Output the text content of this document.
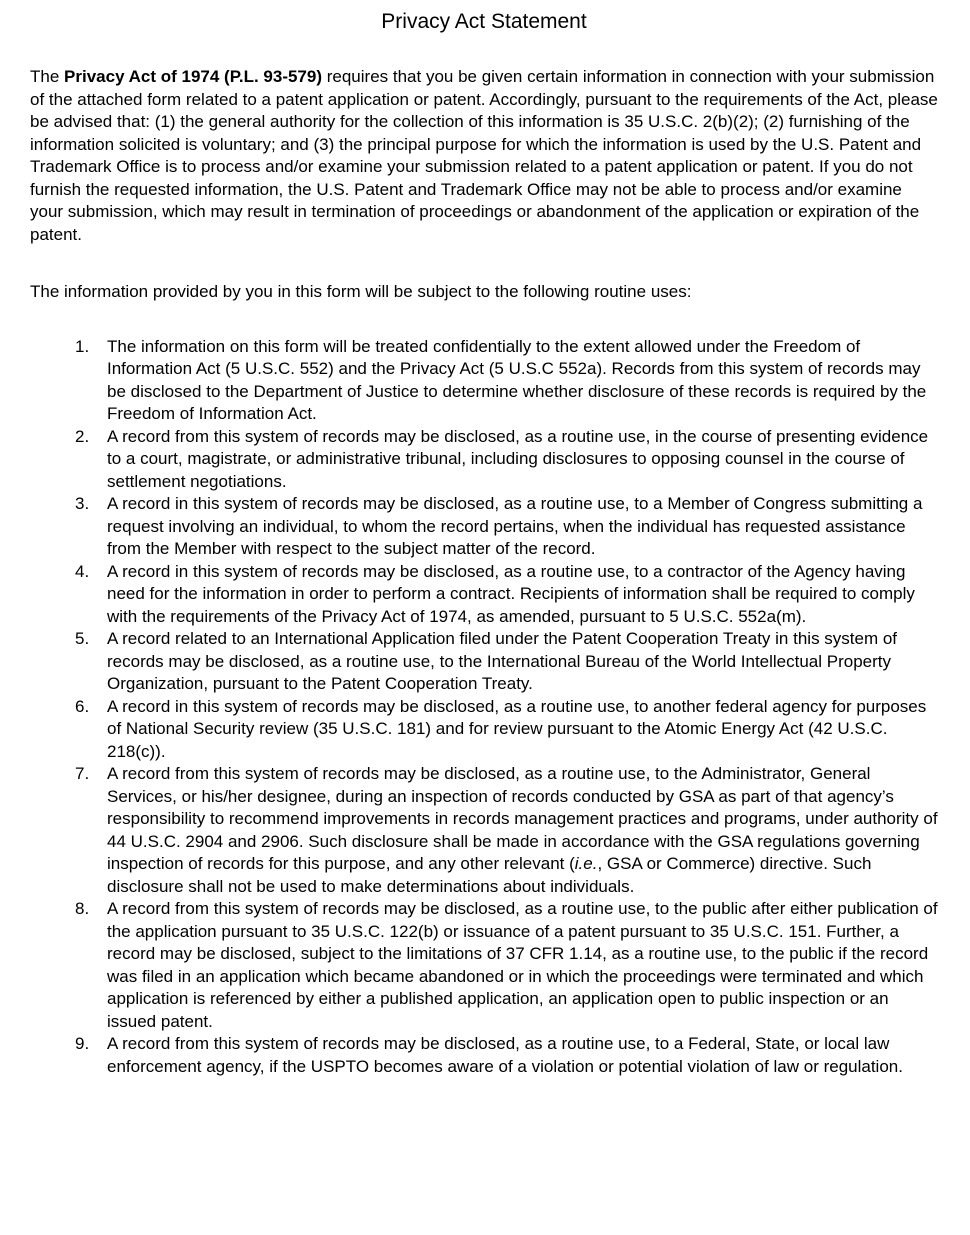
Privacy Act Statement

The Privacy Act of 1974 (P.L. 93-579) requires that you be given certain information in connection with your submission of the attached form related to a patent application or patent. Accordingly, pursuant to the requirements of the Act, please be advised that: (1) the general authority for the collection of this information is 35 U.S.C. 2(b)(2); (2) furnishing of the information solicited is voluntary; and (3) the principal purpose for which the information is used by the U.S. Patent and Trademark Office is to process and/or examine your submission related to a patent application or patent. If you do not furnish the requested information, the U.S. Patent and Trademark Office may not be able to process and/or examine your submission, which may result in termination of proceedings or abandonment of the application or expiration of the patent.

The information provided by you in this form will be subject to the following routine uses:

The information on this form will be treated confidentially to the extent allowed under the Freedom of Information Act (5 U.S.C. 552) and the Privacy Act (5 U.S.C 552a). Records from this system of records may be disclosed to the Department of Justice to determine whether disclosure of these records is required by the Freedom of Information Act.
A record from this system of records may be disclosed, as a routine use, in the course of presenting evidence to a court, magistrate, or administrative tribunal, including disclosures to opposing counsel in the course of settlement negotiations.
A record in this system of records may be disclosed, as a routine use, to a Member of Congress submitting a request involving an individual, to whom the record pertains, when the individual has requested assistance from the Member with respect to the subject matter of the record.
A record in this system of records may be disclosed, as a routine use, to a contractor of the Agency having need for the information in order to perform a contract. Recipients of information shall be required to comply with the requirements of the Privacy Act of 1974, as amended, pursuant to 5 U.S.C. 552a(m).
A record related to an International Application filed under the Patent Cooperation Treaty in this system of records may be disclosed, as a routine use, to the International Bureau of the World Intellectual Property Organization, pursuant to the Patent Cooperation Treaty.
A record in this system of records may be disclosed, as a routine use, to another federal agency for purposes of National Security review (35 U.S.C. 181) and for review pursuant to the Atomic Energy Act (42 U.S.C. 218(c)).
A record from this system of records may be disclosed, as a routine use, to the Administrator, General Services, or his/her designee, during an inspection of records conducted by GSA as part of that agency’s responsibility to recommend improvements in records management practices and programs, under authority of 44 U.S.C. 2904 and 2906. Such disclosure shall be made in accordance with the GSA regulations governing inspection of records for this purpose, and any other relevant (i.e., GSA or Commerce) directive. Such disclosure shall not be used to make determinations about individuals.
A record from this system of records may be disclosed, as a routine use, to the public after either publication of the application pursuant to 35 U.S.C. 122(b) or issuance of a patent pursuant to 35 U.S.C. 151. Further, a record may be disclosed, subject to the limitations of 37 CFR 1.14, as a routine use, to the public if the record was filed in an application which became abandoned or in which the proceedings were terminated and which application is referenced by either a published application, an application open to public inspection or an issued patent.
A record from this system of records may be disclosed, as a routine use, to a Federal, State, or local law enforcement agency, if the USPTO becomes aware of a violation or potential violation of law or regulation.
